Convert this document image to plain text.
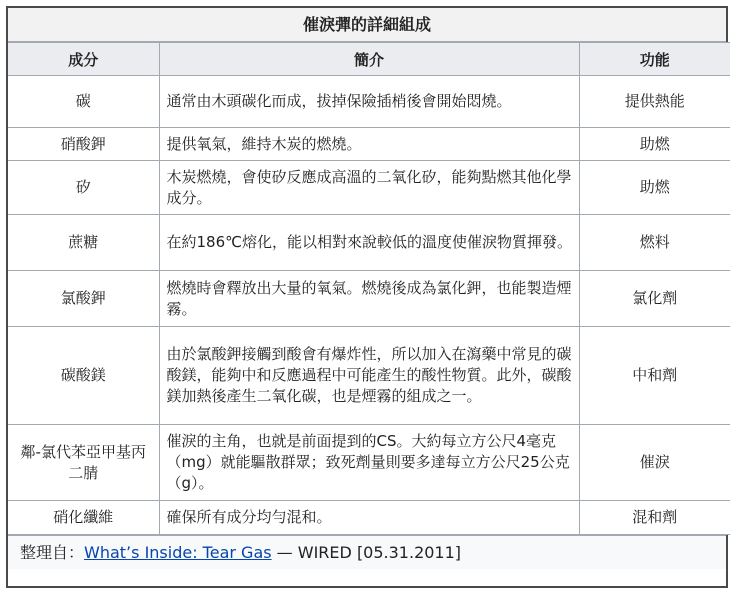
催淚彈的詳細組成
成分	簡介	功能
碳	通常由木頭碳化而成，拔掉保險插梢後會開始悶燒。	提供熱能
硝酸鉀	提供氧氣，維持木炭的燃燒。	助燃
矽	木炭燃燒，會使矽反應成高溫的二氧化矽，能夠點燃其他化學成分。	助燃
蔗糖	在約186℃熔化，能以相對來說較低的溫度使催淚物質揮發。	燃料
氯酸鉀	燃燒時會釋放出大量的氧氣。燃燒後成為氯化鉀，也能製造煙霧。	氯化劑
碳酸鎂	由於氯酸鉀接觸到酸會有爆炸性，所以加入在瀉藥中常見的碳酸鎂，能夠中和反應過程中可能產生的酸性物質。此外，碳酸鎂加熱後產生二氧化碳，也是煙霧的組成之一。	中和劑
鄰-氯代苯亞甲基丙二腈	催淚的主角，也就是前面提到的CS。大約每立方公尺4毫克（mg）就能驅散群眾；致死劑量則要多達每立方公尺25公克（g）。	催淚
硝化纖維	確保所有成分均勻混和。	混和劑
整理自：What’s Inside: Tear Gas — WIRED [05.31.2011]
